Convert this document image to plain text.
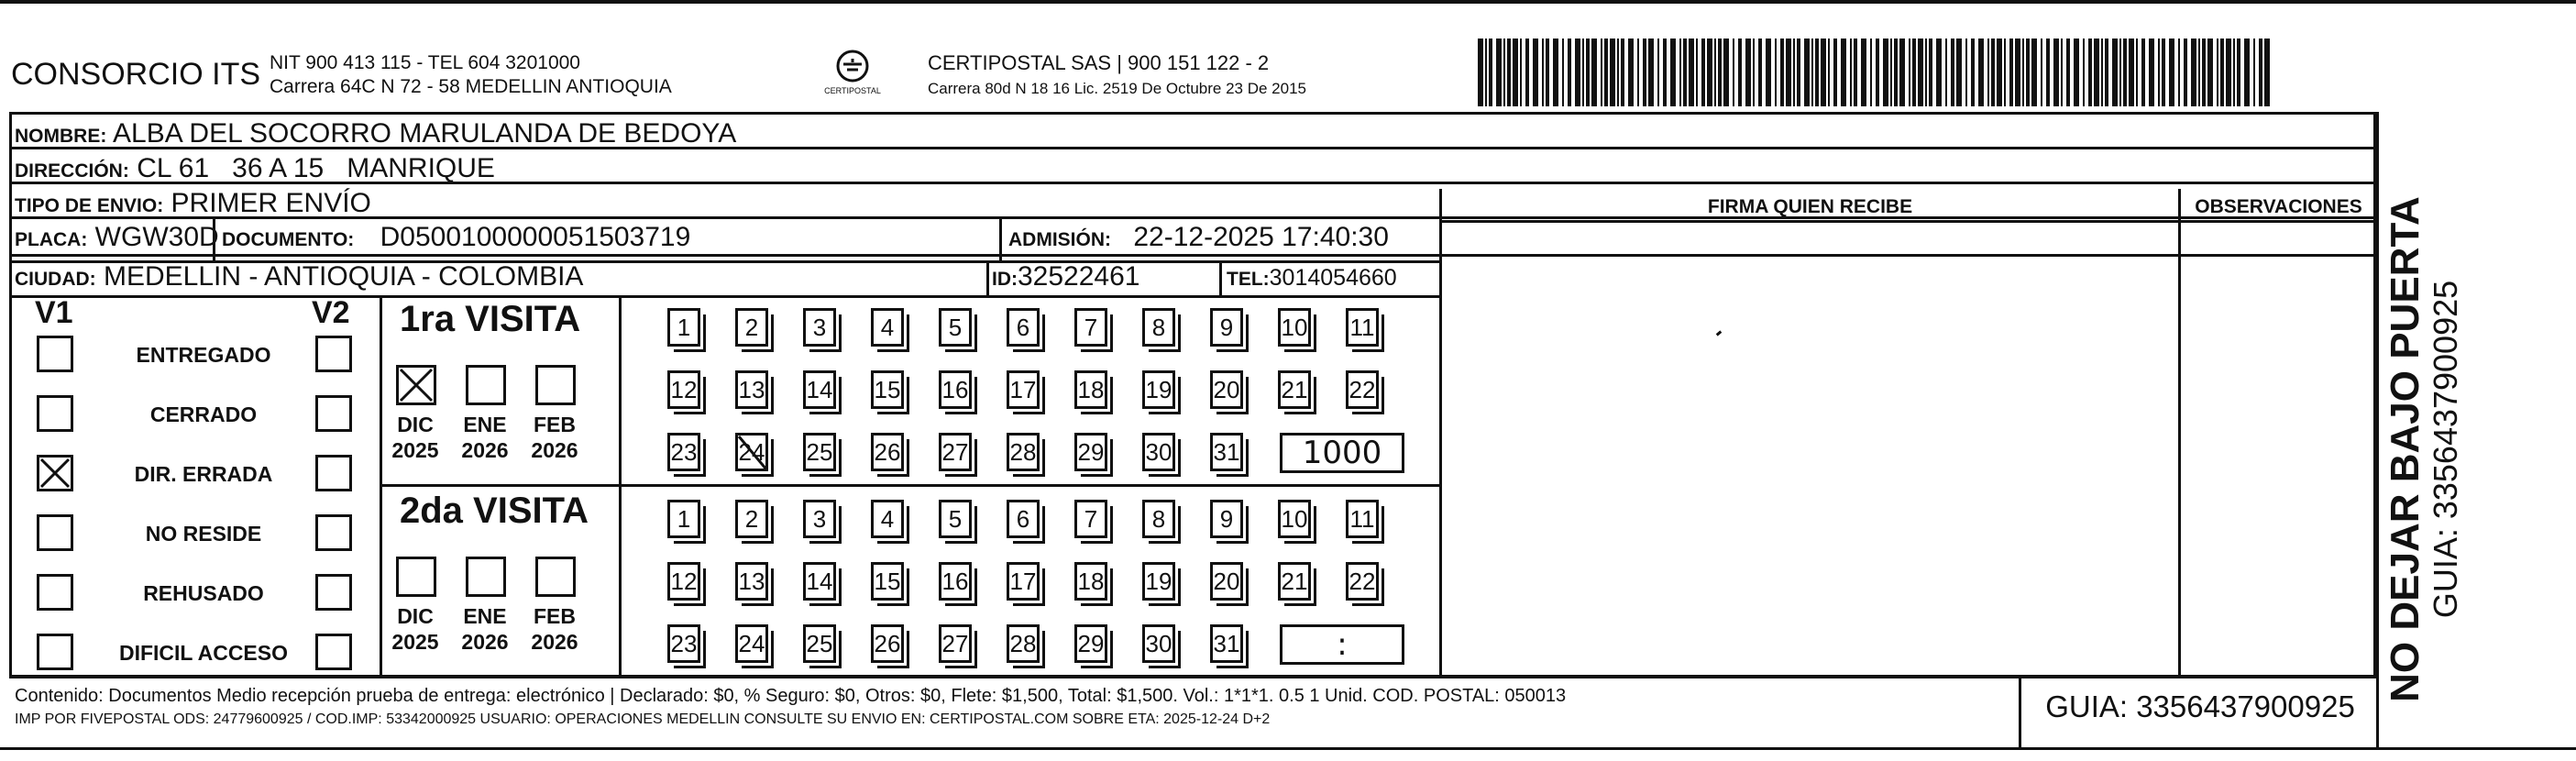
CONSORCIO ITS NIT 900 413 115 - TEL 604 3201000
Carrera 64C N 72 - 58 MEDELLIN ANTIOQUIA	CERTIPOSTAL
CERTIPOSTAL SAS | 900 151 122 - 2
Carrera 80d N 18 16 Lic. 2519 De Octubre 23 De 2015
NOMBRE: ALBA DEL SOCORRO MARULANDA DE BEDOYA
DIRECCIÓN: CL 61   36 A 15   MANRIQUE
TIPO DE ENVIO: PRIMER ENVÍO	FIRMA QUIEN RECIBE	OBSERVACIONES
PLACA: WGW30D DOCUMENTO: D0500100000051503719	ADMISIÓN: 22-12-2025 17:40:30
CIUDAD: MEDELLIN - ANTIOQUIA - COLOMBIA	ID:32522461	TEL:3014054660
V1	V2
ENTREGADO
CERRADO
DIR. ERRADA
NO RESIDE
REHUSADO
DIFICIL ACCESO
1ra VISITA
DIC
2025
ENE
2026
FEB
2026
1	2	3	4	5	6	7	8	9	10 11
12 13 14 15 16 17 18 19 20 21 22
23 24 25 26 27 28 29 30 31	1000
2da VISITA
DIC
2025
ENE
2026
FEB
2026
1	2	3	4	5	6	7	8	9	10 11
12 13 14 15 16 17 18 19 20 21 22
23 24 25 26 27 28 29 30 31	:
Contenido: Documentos Medio recepción prueba de entrega: electrónico | Declarado: $0, % Seguro: $0, Otros: $0, Flete: $1,500, Total: $1,500. Vol.: 1*1*1. 0.5 1 Unid. COD. POSTAL: 050013
IMP POR FIVEPOSTAL ODS: 24779600925 / COD.IMP: 53342000925 USUARIO: OPERACIONES MEDELLIN CONSULTE SU ENVIO EN: CERTIPOSTAL.COM SOBRE ETA: 2025-12-24 D+2	GUIA: 3356437900925
NO DEJAR BAJO PUERTA GUIA: 3356437900925
